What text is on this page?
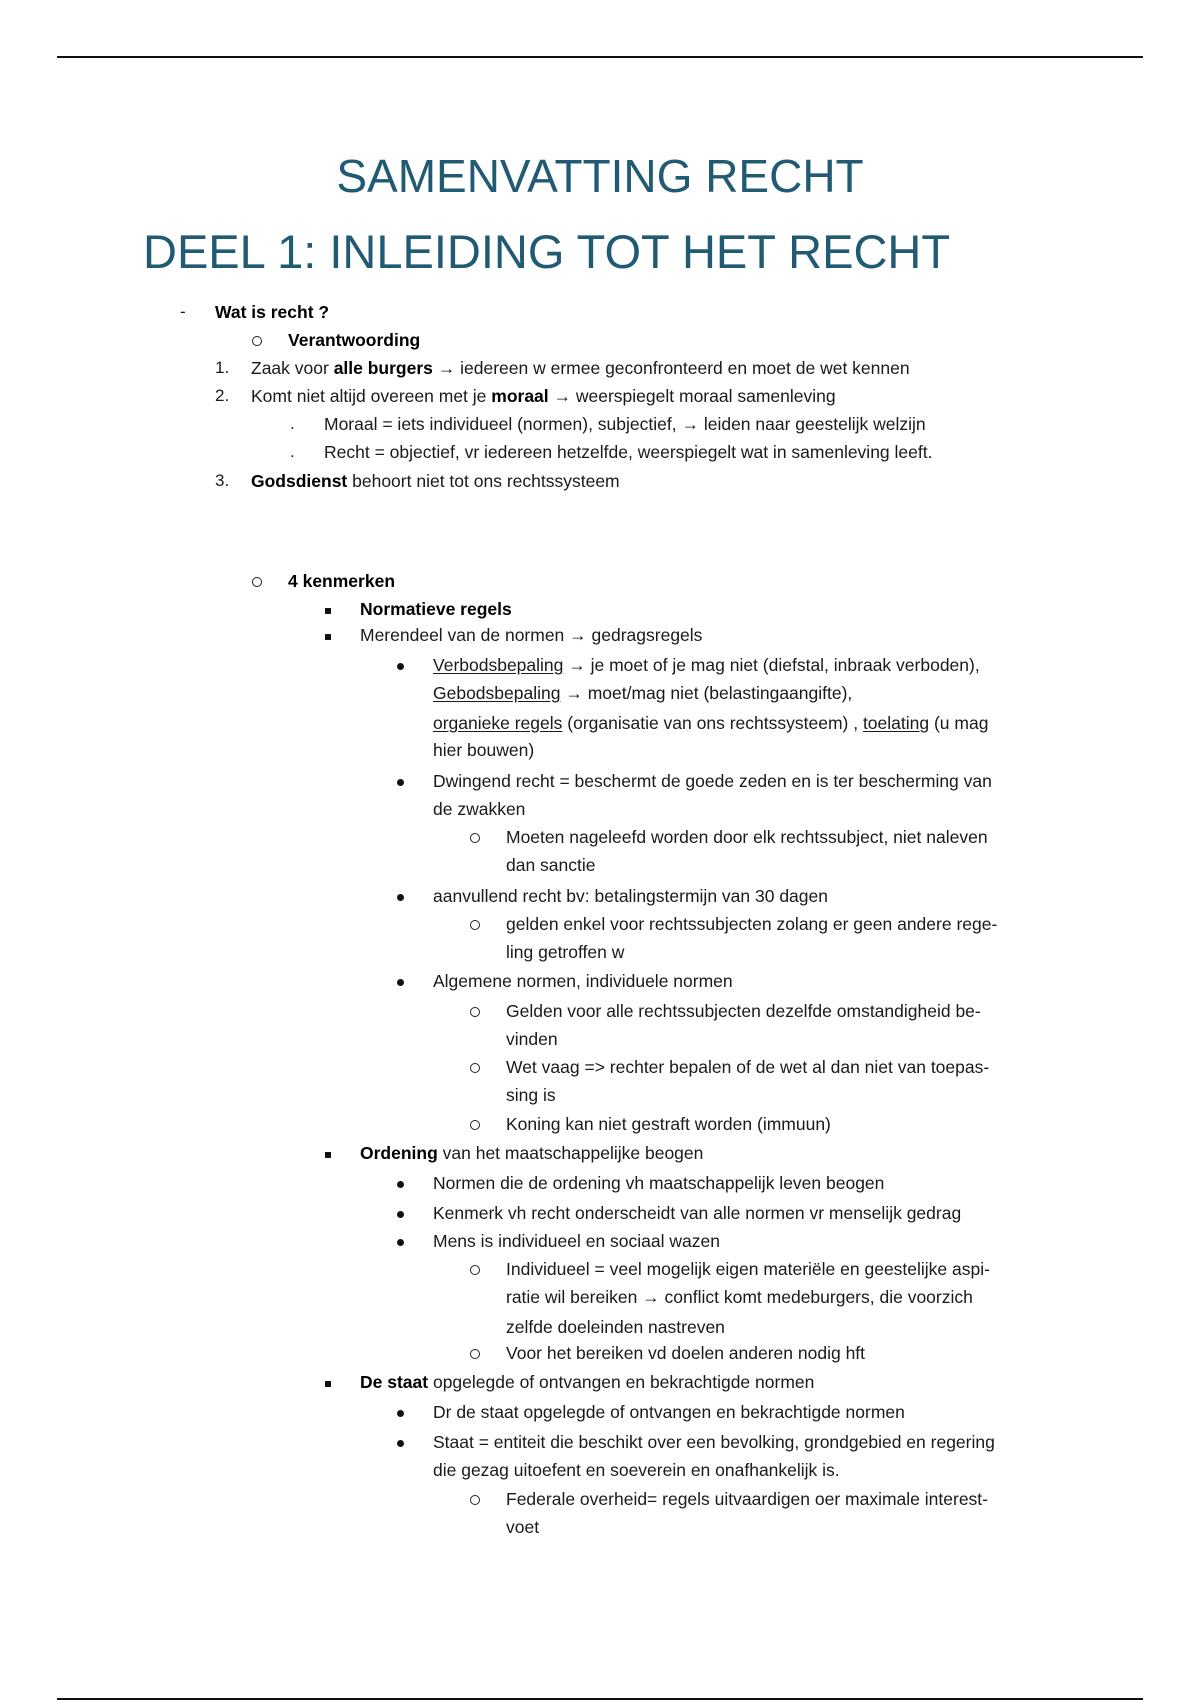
SAMENVATTING RECHT
DEEL 1: INLEIDING TOT HET RECHT
- Wat is recht ?
Verantwoording
1. Zaak voor alle burgers → iedereen w ermee geconfronteerd en moet de wet kennen
2. Komt niet altijd overeen met je moraal → weerspiegelt moraal samenleving
. Moraal = iets individueel (normen), subjectief, → leiden naar geestelijk welzijn
. Recht = objectief, vr iedereen hetzelfde, weerspiegelt wat in samenleving leeft.
3. Godsdienst behoort niet tot ons rechtssysteem
4 kenmerken
Normatieve regels
Merendeel van de normen → gedragsregels
Verbodsbepaling → je moet of je mag niet (diefstal, inbraak verboden),
Gebodsbepaling → moet/mag niet (belastingaangifte),
organieke regels (organisatie van ons rechtssysteem) , toelating (u mag
hier bouwen)
Dwingend recht = beschermt de goede zeden en is ter bescherming van
de zwakken
Moeten nageleefd worden door elk rechtssubject, niet naleven
dan sanctie
aanvullend recht bv: betalingstermijn van 30 dagen
gelden enkel voor rechtssubjecten zolang er geen andere rege-
ling getroffen w
Algemene normen, individuele normen
Gelden voor alle rechtssubjecten dezelfde omstandigheid be-
vinden
Wet vaag => rechter bepalen of de wet al dan niet van toepas-
sing is
Koning kan niet gestraft worden (immuun)
Ordening van het maatschappelijke beogen
Normen die de ordening vh maatschappelijk leven beogen
Kenmerk vh recht onderscheidt van alle normen vr menselijk gedrag
Mens is individueel en sociaal wazen
Individueel = veel mogelijk eigen materiële en geestelijke aspi-
ratie wil bereiken → conflict komt medeburgers, die voorzich
zelfde doeleinden nastreven
Voor het bereiken vd doelen anderen nodig hft
De staat opgelegde of ontvangen en bekrachtigde normen
Dr de staat opgelegde of ontvangen en bekrachtigde normen
Staat = entiteit die beschikt over een bevolking, grondgebied en regering
die gezag uitoefent en soeverein en onafhankelijk is.
Federale overheid= regels uitvaardigen oer maximale interest-
voet
